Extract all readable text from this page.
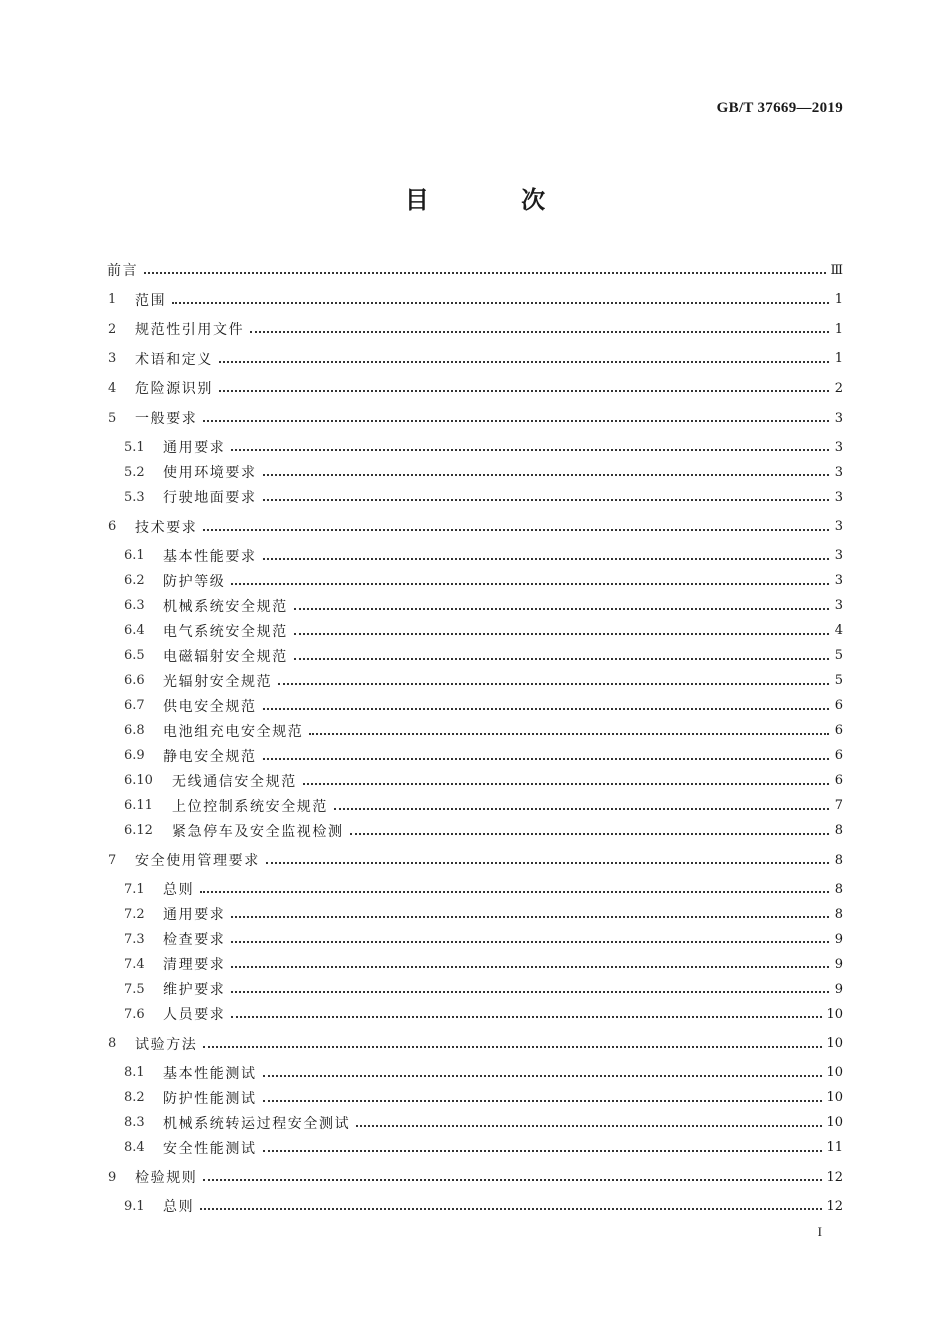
GB/T 37669—2019
目 次
前言	Ⅲ
1	范围	1
2	规范性引用文件	1
3	术语和定义	1
4	危险源识别	2
5	一般要求	3
5.1	通用要求	3
5.2	使用环境要求	3
5.3	行驶地面要求	3
6	技术要求	3
6.1	基本性能要求	3
6.2	防护等级	3
6.3	机械系统安全规范	3
6.4	电气系统安全规范	4
6.5	电磁辐射安全规范	5
6.6	光辐射安全规范	5
6.7	供电安全规范	6
6.8	电池组充电安全规范	6
6.9	静电安全规范	6
6.10	无线通信安全规范	6
6.11	上位控制系统安全规范	7
6.12	紧急停车及安全监视检测	8
7	安全使用管理要求	8
7.1	总则	8
7.2	通用要求	8
7.3	检查要求	9
7.4	清理要求	9
7.5	维护要求	9
7.6	人员要求	10
8	试验方法	10
8.1	基本性能测试	10
8.2	防护性能测试	10
8.3	机械系统转运过程安全测试	10
8.4	安全性能测试	11
9	检验规则	12
9.1	总则	12
I
